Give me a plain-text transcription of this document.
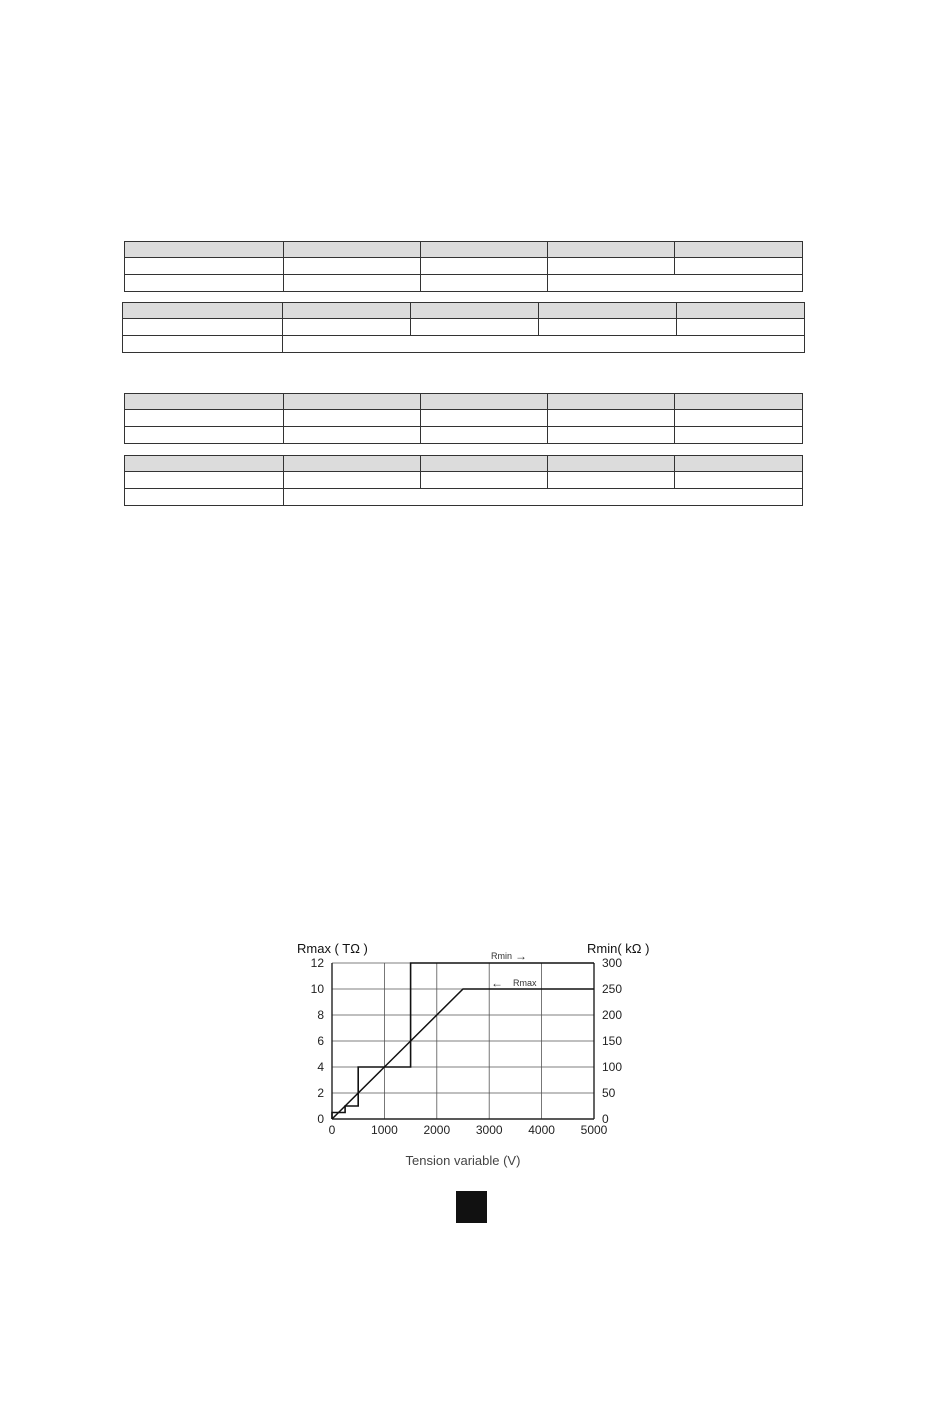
0	1000 2000 3000 4000 5000
0
2
4
6
8
10
12
0
50
100
150
200
250
300
Rmax ( TΩ )	Rmin( kΩ )
Tension variable (V)
Rmin →
← Rmax
